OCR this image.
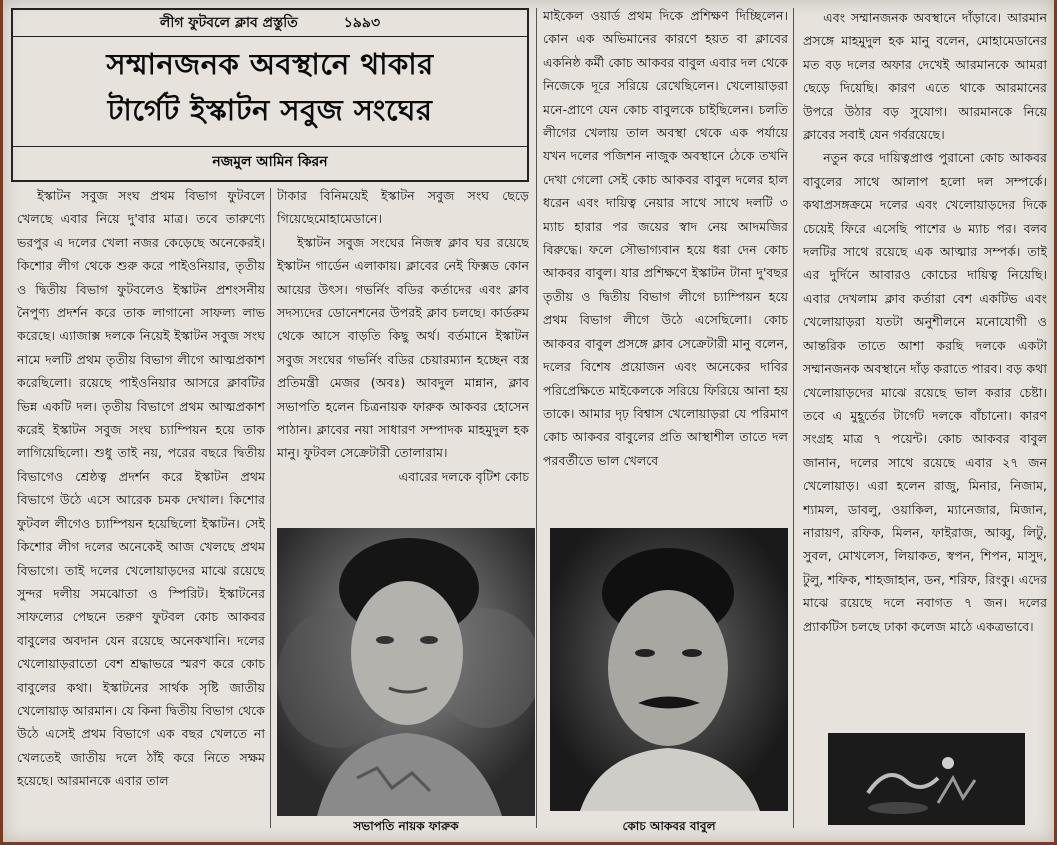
লীগ ফুটবলে ক্লাব প্রস্তুতি	১৯৯৩
সম্মানজনক অবস্থানে থাকার
টার্গেট ইস্কাটন সবুজ সংঘের
নজমুল আমিন কিরন

ইস্কাটন সবুজ সংঘ প্রথম বিভাগ ফুটবলে খেলছে এবার নিয়ে দু'বার মাত্র। তবে তারুণ্যে ভরপুর এ দলের খেলা নজর কেড়েছে অনেকেরই। কিশোর লীগ থেকে শুরু করে পাইওনিয়ার, তৃতীয় ও দ্বিতীয় বিভাগ ফুটবলেও ইস্কাটন প্রশংসনীয় নৈপুণ্য প্রদর্শন করে তাক লাগানো সাফল্য লাভ করেছে। এ্যাজাক্স দলকে নিয়েই ইস্কাটন সবুজ সংঘ নামে দলটি প্রথম তৃতীয় বিভাগ লীগে আত্মপ্রকাশ করেছিলো। রয়েছে পাইওনিয়ার আসরে ক্লাবটির ভিন্ন একটি দল। তৃতীয় বিভাগে প্রথম আত্মপ্রকাশ করেই ইস্কাটন সবুজ সংঘ চ্যাম্পিয়ন হয়ে তাক লাগিয়েছিলো। শুধু তাই নয়, পরের বছরে দ্বিতীয় বিভাগেও শ্রেষ্ঠত্ব প্রদর্শন করে ইস্কাটন প্রথম বিভাগে উঠে এসে আরেক চমক দেখাল। কিশোর ফুটবল লীগেও চ্যাম্পিয়ন হয়েছিলো ইস্কাটন। সেই কিশোর লীগ দলের অনেকেই আজ খেলছে প্রথম বিভাগে। তাই দলের খেলোয়াড়দের মাঝে রয়েছে সুন্দর দলীয় সমঝোতা ও স্পিরিট। ইস্কাটনের সাফল্যের পেছনে তরুণ ফুটবল কোচ আকবর বাবুলের অবদান যেন রয়েছে অনেকখানি। দলের খেলোয়াড়রাতো বেশ শ্রদ্ধাভরে স্মরণ করে কোচ বাবুলের কথা। ইস্কাটনের সার্থক সৃষ্টি জাতীয় খেলোয়াড় আরমান। যে কিনা দ্বিতীয় বিভাগ থেকে উঠে এসেই প্রথম বিভাগে এক বছর খেলতে না খেলতেই জাতীয় দলে ঠাঁই করে নিতে সক্ষম হয়েছে। আরমানকে এবার তাল

টাকার বিনিময়েই ইস্কাটন সবুজ সংঘ ছেড়ে গিয়েছেমোহামেডানে।

ইস্কাটন সবুজ সংঘের নিজস্ব ক্লাব ঘর রয়েছে ইস্কাটন গার্ডেন এলাকায়। ক্লাবের নেই ফিক্সড কোন আয়ের উৎস। গভর্নিং বডির কর্তাদের এবং ক্লাব সদস্যদের ডোনেশনের উপরই ক্লাব চলছে। কার্ডরুম থেকে আসে বাড়তি কিছু অর্থ। বর্তমানে ইস্কাটন সবুজ সংঘের গভর্নিং বডির চেয়ারম্যান হচ্ছেন বস্ত্র প্রতিমন্ত্রী মেজর (অবঃ) আবদুল মান্নান, ক্লাব সভাপতি হলেন চিত্রনায়ক ফারুক আকবর হোসেন পাঠান। ক্লাবের নয়া সাধারণ সম্পাদক মাহমুদুল হক মানু। ফুটবল সেক্রেটারী তোলারাম।

এবারের দলকে বৃটিশ কোচ

মাইকেল ওয়ার্ড প্রথম দিকে প্রশিক্ষণ দিচ্ছিলেন। কোন এক অভিমানের কারণে হয়ত বা ক্লাবের একনিষ্ঠ কর্মী কোচ আকবর বাবুল এবার দল থেকে নিজেকে দূরে সরিয়ে রেখেছিলেন। খেলোয়াড়রা মনে-প্রাণে যেন কোচ বাবুলকে চাইছিলেন। চলতি লীগের খেলায় তাল অবস্থা থেকে এক পর্যায়ে যখন দলের পজিশন নাজুক অবস্থানে ঠেকে তখনি দেখা গেলো সেই কোচ আকবর বাবুল দলের হাল ধরেন এবং দায়িত্ব নেয়ার সাথে সাথে দলটি ৩ ম্যাচ হারার পর জয়ের স্বাদ নেয় আদমজির বিরুদ্ধে। ফলে সৌভাগ্যবান হয়ে ধরা দেন কোচ আকবর বাবুল। যার প্রশিক্ষণে ইস্কাটন টানা দু'বছর তৃতীয় ও দ্বিতীয় বিভাগ লীগে চ্যাম্পিয়ন হয়ে প্রথম বিভাগ লীগে উঠে এসেছিলো। কোচ আকবর বাবুল প্রসঙ্গে ক্লাব সেক্রেটারী মানু বলেন, দলের বিশেষ প্রয়োজন এবং অনেকের দাবির পরিপ্রেক্ষিতে মাইকেলকে সরিয়ে ফিরিয়ে আনা হয় তাকে। আমার দৃঢ় বিশ্বাস খেলোয়াড়রা যে পরিমাণ কোচ আকবর বাবুলের প্রতি আস্থাশীল তাতে দল পরবর্তীতে ভাল খেলবে

এবং সম্মানজনক অবস্থানে দাঁড়াবে। আরমান প্রসঙ্গে মাহমুদুল হক মানু বলেন, মোহামেডানের মত বড় দলের অফার দেখেই আরমানকে আমরা ছেড়ে দিয়েছি। কারণ এতে থাকে আরমানের উপরে উঠার বড় সুযোগ। আরমানকে নিয়ে ক্লাবের সবাই যেন গর্বরয়েছে।

নতুন করে দায়িত্বপ্রাপ্ত পুরানো কোচ আকবর বাবুলের সাথে আলাপ হলো দল সম্পর্কে। কথাপ্রসঙ্গক্রমে দলের এবং খেলোয়াড়দের দিকে চেয়েই ফিরে এসেছি পাশের ৬ ম্যাচ পর। বলব দলটির সাথে রয়েছে এক আত্মার সম্পর্ক। তাই এর দুর্দিনে আবারও কোচের দায়িত্ব নিয়েছি। এবার দেখলাম ক্লাব কর্তারা বেশ একটিভ এবং খেলোয়াড়রা যতটা অনুশীলনে মনোযোগী ও আন্তরিক তাতে আশা করছি দলকে একটা সম্মানজনক অবস্থানে দাঁড় করাতে পারব। বড় কথা খেলোয়াড়দের মাঝে রয়েছে ভাল করার চেষ্টা। তবে এ মুহূর্তের টার্গেট দলকে বাঁচানো। কারণ সংগ্রহ মাত্র ৭ পয়েন্ট। কোচ আকবর বাবুল জানান, দলের সাথে রয়েছে এবার ২৭ জন খেলোয়াড়। এরা হলেন রাজু, মিনার, নিজাম, শ্যামল, ডাবলু, ওয়াকিল, ম্যানেজার, মিজান, নারায়ণ, রফিক, মিলন, ফাইরাজ, আব্বু, লিটু, সুবল, মোখলেস, লিয়াকত, স্বপন, শিপন, মাসুদ, টুলু, শফিক, শাহজাহান, ডন, শরিফ, রিংকু। এদের মাঝে রয়েছে দলে নবাগত ৭ জন। দলের প্র্যাকটিস চলছে ঢাকা কলেজ মাঠে একত্রভাবে।

সভাপতি নায়ক ফারুক	কোচ আকবর বাবুল
